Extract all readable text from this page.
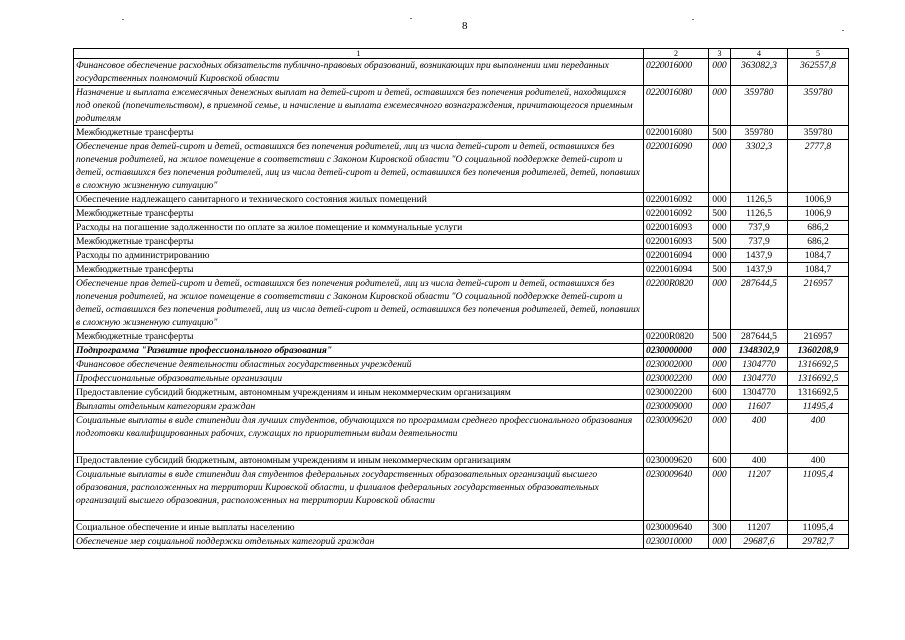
8
1	2	3	4	5
Финансовое обеспечение расходных обязательств публично-правовых образований, возникающих при выполнении ими переданных государственных полномочий Кировской области	0220016000	000	363082,3	362557,8
Назначение и выплата ежемесячных денежных выплат на детей-сирот и детей, оставшихся без попечения родителей, находящихся под опекой (попечительством), в приемной семье, и начисление и выплата ежемесячного вознаграждения, причитающегося приемным родителям	0220016080	000	359780	359780
Межбюджетные трансферты	0220016080	500	359780	359780
Обеспечение прав детей-сирот и детей, оставшихся без попечения родителей, лиц из числа детей-сирот и детей, оставшихся без попечения родителей, на жилое помещение в соответствии с Законом Кировской области "О социальной поддержке детей-сирот и детей, оставшихся без попечения родителей, лиц из числа детей-сирот и детей, оставшихся без попечения родителей, детей, попавших в сложную жизненную ситуацию"	0220016090	000	3302,3	2777,8
Обеспечение надлежащего санитарного и технического состояния жилых помещений	0220016092	000	1126,5	1006,9
Межбюджетные трансферты	0220016092	500	1126,5	1006,9
Расходы на погашение задолженности по оплате за жилое помещение и коммунальные услуги	0220016093	000	737,9	686,2
Межбюджетные трансферты	0220016093	500	737,9	686,2
Расходы по администрированию	0220016094	000	1437,9	1084,7
Межбюджетные трансферты	0220016094	500	1437,9	1084,7
Обеспечение прав детей-сирот и детей, оставшихся без попечения родителей, лиц из числа детей-сирот и детей, оставшихся без попечения родителей, на жилое помещение в соответствии с Законом Кировской области "О социальной поддержке детей-сирот и детей, оставшихся без попечения родителей, лиц из числа детей-сирот и детей, оставшихся без попечения родителей, детей, попавших в сложную жизненную ситуацию"	02200R0820	000	287644,5	216957
Межбюджетные трансферты	02200R0820	500	287644,5	216957
Подпрограмма "Развитие профессионального образования"	0230000000	000	1348302,9	1360208,9
Финансовое обеспечение деятельности областных государственных учреждений	0230002000	000	1304770	1316692,5
Профессиональные образовательные организации	0230002200	000	1304770	1316692,5
Предоставление субсидий бюджетным, автономным учреждениям и иным некоммерческим организациям	0230002200	600	1304770	1316692,5
Выплаты отдельным категориям граждан	0230009000	000	11607	11495,4
Социальные выплаты в виде стипендии для лучших студентов, обучающихся по программам среднего профессионального образования подготовки квалифицированных рабочих, служащих по приоритетным видам деятельности	0230009620	000	400	400
Предоставление субсидий бюджетным, автономным учреждениям и иным некоммерческим организациям	0230009620	600	400	400
Социальные выплаты в виде стипендии для студентов федеральных государственных образовательных организаций высшего образования, расположенных на территории Кировской области, и филиалов федеральных государственных образовательных организаций высшего образования, расположенных на территории Кировской области	0230009640	000	11207	11095,4
Социальное обеспечение и иные выплаты населению	0230009640	300	11207	11095,4
Обеспечение мер социальной поддержки отдельных категорий граждан	0230010000	000	29687,6	29782,7
